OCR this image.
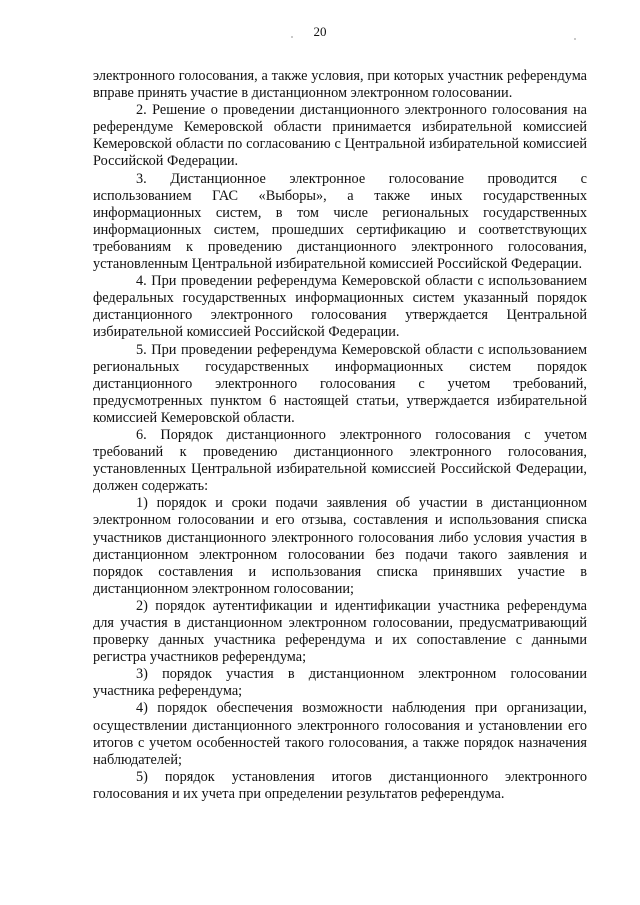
20

электронного голосования, а также условия, при которых участник референдума вправе принять участие в дистанционном электронном голосовании.

2. Решение о проведении дистанционного электронного голосования на референдуме Кемеровской области принимается избирательной комиссией Кемеровской области по согласованию с Центральной избирательной комиссией Российской Федерации.

3. Дистанционное электронное голосование проводится с использованием ГАС «Выборы», а также иных государственных информационных систем, в том числе региональных государственных информационных систем, прошедших сертификацию и соответствующих требованиям к проведению дистанционного электронного голосования, установленным Центральной избирательной комиссией Российской Федерации.

4. При проведении референдума Кемеровской области с использованием федеральных государственных информационных систем указанный порядок дистанционного электронного голосования утверждается Центральной избирательной комиссией Российской Федерации.

5. При проведении референдума Кемеровской области с использованием региональных государственных информационных систем порядок дистанционного электронного голосования с учетом требований, предусмотренных пунктом 6 настоящей статьи, утверждается избирательной комиссией Кемеровской области.

6. Порядок дистанционного электронного голосования с учетом требований к проведению дистанционного электронного голосования, установленных Центральной избирательной комиссией Российской Федерации, должен содержать:

1) порядок и сроки подачи заявления об участии в дистанционном электронном голосовании и его отзыва, составления и использования списка участников дистанционного электронного голосования либо условия участия в дистанционном электронном голосовании без подачи такого заявления и порядок составления и использования списка принявших участие в дистанционном электронном голосовании;

2) порядок аутентификации и идентификации участника референдума для участия в дистанционном электронном голосовании, предусматривающий проверку данных участника референдума и их сопоставление с данными регистра участников референдума;

3) порядок участия в дистанционном электронном голосовании участника референдума;

4) порядок обеспечения возможности наблюдения при организации, осуществлении дистанционного электронного голосования и установлении его итогов с учетом особенностей такого голосования, а также порядок назначения наблюдателей;

5) порядок установления итогов дистанционного электронного голосования и их учета при определении результатов референдума.
